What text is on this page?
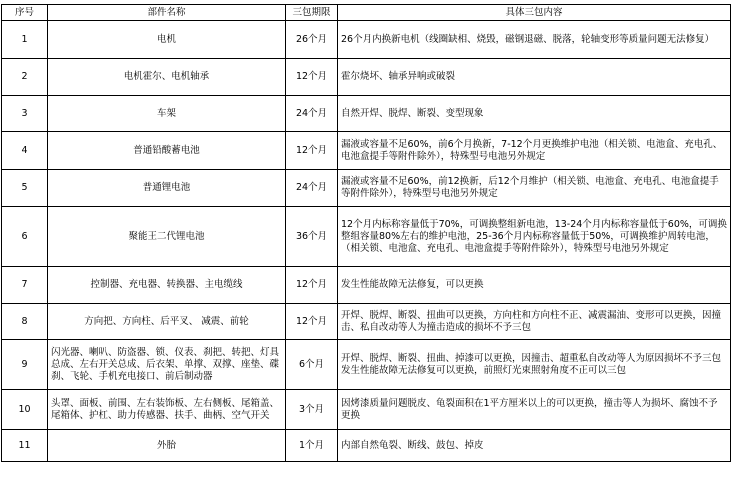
序号	部件名称	三包期限	具体三包内容
1	电机	26个月	26个月内换新电机（线圈缺相、烧毁，磁钢退磁、脱落，轮轴变形等质量问题无法修复）
2	电机霍尔、电机轴承	12个月	霍尔烧坏、轴承异响或破裂
3	车架	24个月	自然开焊、脱焊、断裂、变型现象
4	普通铅酸蓄电池	12个月	漏液或容量不足60%，前6个月换新，7-12个月更换维护电池（相关锁、电池盒、充电孔、电池盒提手等附件除外），特殊型号电池另外规定
5	普通锂电池	24个月	漏液或容量不足60%，前12换新，后12个月维护（相关锁、电池盒、充电孔、电池盒提手等附件除外），特殊型号电池另外规定
6	聚能王二代锂电池	36个月	12个月内标称容量低于70%，可调换整组新电池，13-24个月内标称容量低于60%，可调换整组容量80%左右的维护电池，25-36个月内标称容量低于50%，可调换维护周转电池，（相关锁、电池盒、充电孔、电池盒提手等附件除外），特殊型号电池另外规定
7	控制器、充电器、转换器、主电缆线	12个月	发生性能故障无法修复，可以更换
8	方向把、方向柱、后平叉、 减震、前轮	12个月	开焊、脱焊、断裂、扭曲可以更换，方向柱和方向柱不正、减震漏油、变形可以更换，因撞击、私自改动等人为撞击造成的损坏不予三包
9	闪光器、喇叭、防盗器、锁、仪表、刹把、转把、灯具总成、左右开关总成、后衣架、单撑、双撑、座垫、碟刹、飞轮、手机充电接口、前后制动器	6个月	开焊、脱焊、断裂、扭曲、掉漆可以更换，因撞击、超重私自改动等人为原因损坏不予三包发生性能故障无法修复可以更换，前照灯光束照射角度不正可以三包
10	头罩、面板、前围、左右装饰板、左右侧板、尾箱盖、尾箱体、护杠、助力传感器、扶手、曲柄、空气开关	3个月	因烤漆质量问题脱皮、龟裂面积在1平方厘米以上的可以更换，撞击等人为损坏、腐蚀不予更换
11	外胎	1个月	内部自然龟裂、断线、鼓包、掉皮
